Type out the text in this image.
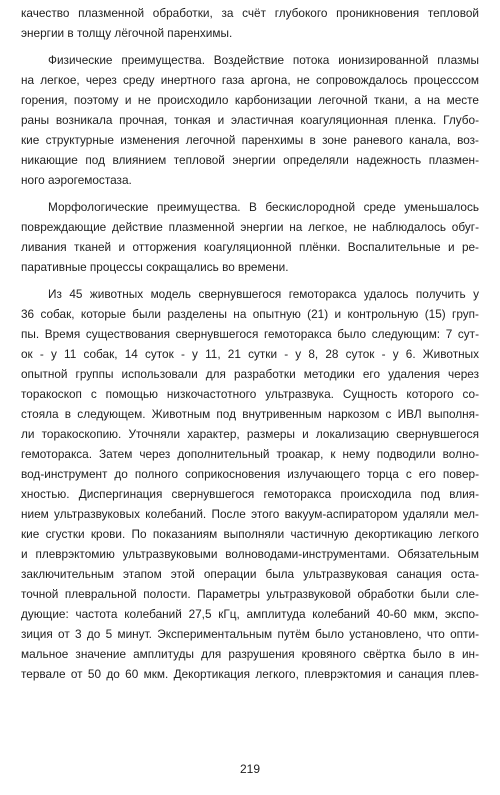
качество плазменной обработки, за счёт глубокого проникновения тепловой
энергии в толщу лёгочной паренхимы.
Физические преимущества. Воздействие потока ионизированной плазмы
на легкое, через среду инертного газа аргона, не сопровождалось процесссом
горения, поэтому и не происходило карбонизации легочной ткани, а на месте
раны возникала прочная, тонкая и эластичная коагуляционная пленка. Глубо-
кие структурные изменения легочной паренхимы в зоне раневого канала, воз-
никающие под влиянием тепловой энергии определяли надежность плазмен-
ного аэрогемостаза.
Морфологические преимущества. В бескислородной среде уменьшалось
повреждающие действие плазменной энергии на легкое, не наблюдалось обуг-
ливания тканей и отторжения коагуляционной плёнки. Воспалительные и ре-
паративные процессы сокращались во времени.
Из 45 животных модель свернувшегося гемоторакса удалось получить у
36 собак, которые были разделены на опытную (21) и контрольную (15) груп-
пы. Время существования свернувшегося гемоторакса было следующим: 7 сут-
ок - у 11 собак, 14 суток - у 11, 21 сутки - у 8, 28 суток - у 6. Животных
опытной группы использовали для разработки методики его удаления через
торакоскоп с помощью низкочастотного ультразвука. Сущность которого со-
стояла в следующем. Животным под внутривенным наркозом с ИВЛ выполня-
ли торакоскопию. Уточняли характер, размеры и локализацию свернувшегося
гемоторакса. Затем через дополнительный троакар, к нему подводили волно-
вод-инструмент до полного соприкосновения излучающего торца с его повер-
хностью. Диспергинация свернувшегося гемоторакса происходила под влия-
нием ультразвуковых колебаний. После этого вакуум-аспиратором удаляли мел-
кие сгустки крови. По показаниям выполняли частичную декортикацию легкого
и плеврэктомию ультразвуковыми волноводами-инструментами. Обязательным
заключительным этапом этой операции была ультразвуковая санация оста-
точной плевральной полости. Параметры ультразвуковой обработки были сле-
дующие: частота колебаний 27,5 кГц, амплитуда колебаний 40-60 мкм, экспо-
зиция от 3 до 5 минут. Экспериментальным путём было установлено, что опти-
мальное значение амплитуды для разрушения кровяного свёртка было в ин-
тервале от 50 до 60 мкм. Декортикация легкого, плеврэктомия и санация плев-
219
